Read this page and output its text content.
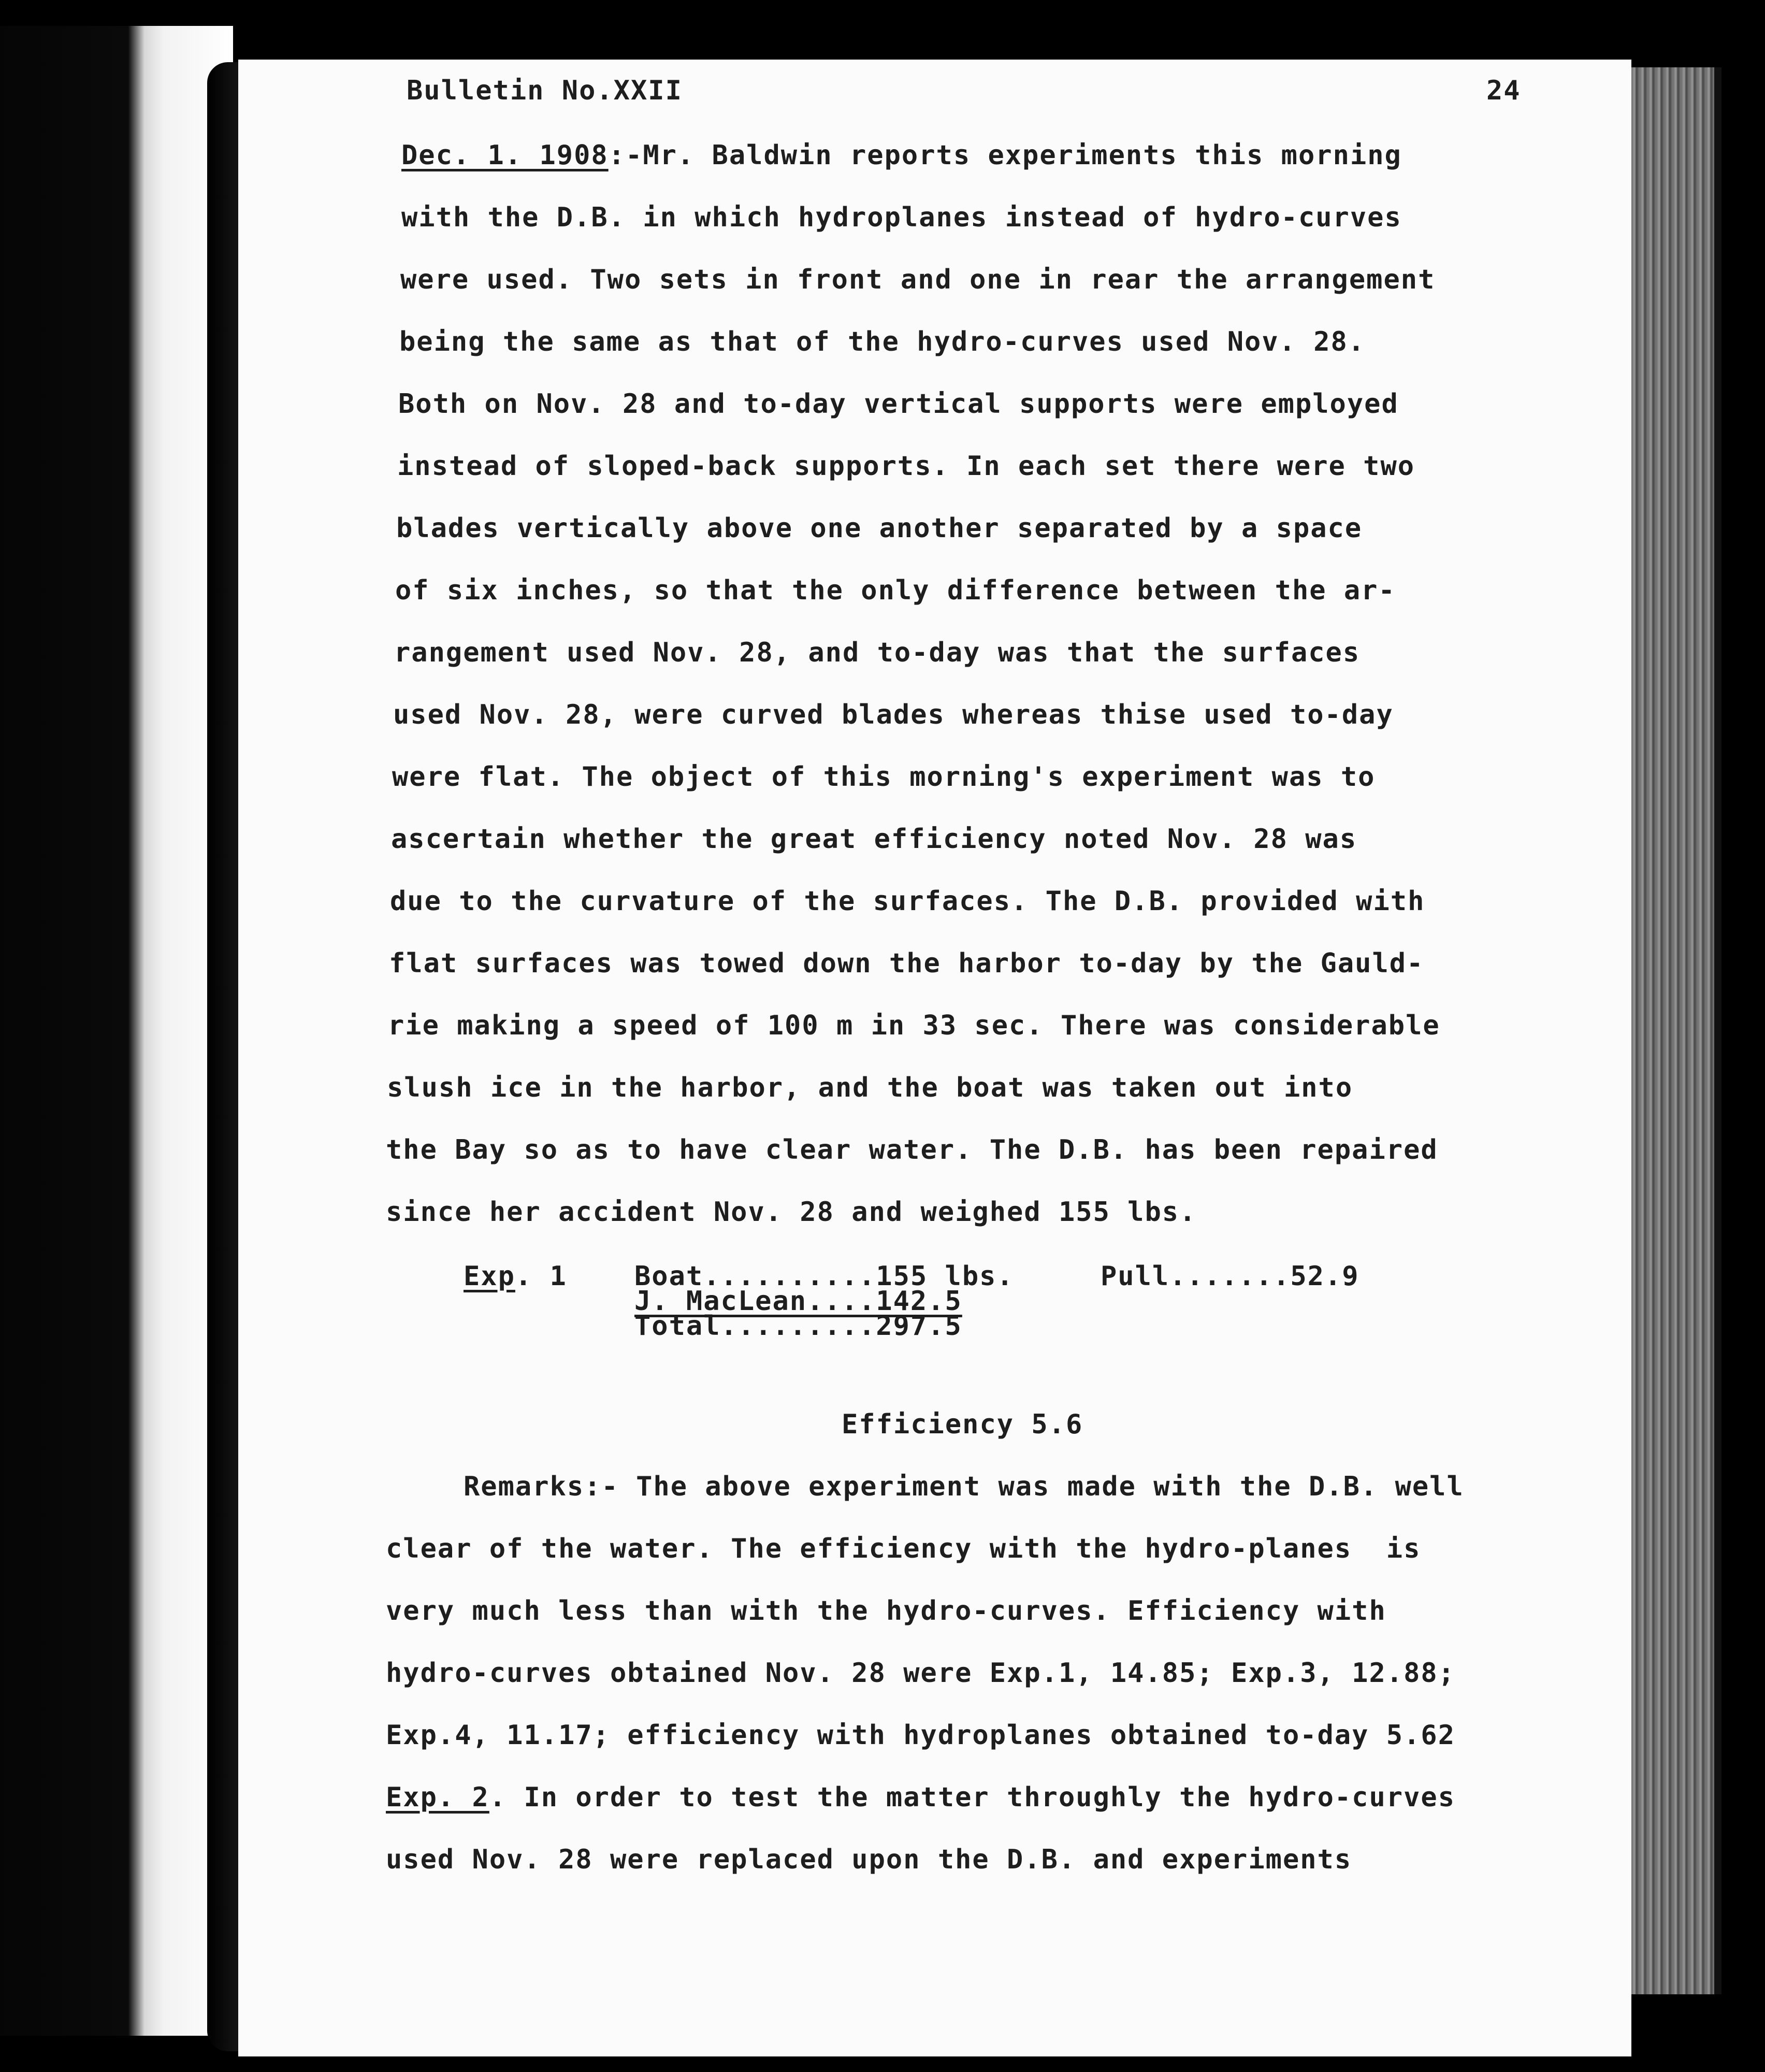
Bulletin No.XXII	24
Dec. 1. 1908:-Mr. Baldwin reports experiments this morning
with the D.B. in which hydroplanes instead of hydro-curves
were used. Two sets in front and one in rear the arrangement
being the same as that of the hydro-curves used Nov. 28.
Both on Nov. 28 and to-day vertical supports were employed
instead of sloped-back supports. In each set there were two
blades vertically above one another separated by a space
of six inches, so that the only difference between the ar-
rangement used Nov. 28, and to-day was that the surfaces
used Nov. 28, were curved blades whereas thise used to-day
were flat. The object of this morning's experiment was to
ascertain whether the great efficiency noted Nov. 28 was
due to the curvature of the surfaces. The D.B. provided with
flat surfaces was towed down the harbor to-day by the Gauld-
rie making a speed of 100 m in 33 sec. There was considerable
slush ice in the harbor, and the boat was taken out into
the Bay so as to have clear water. The D.B. has been repaired
since her accident Nov. 28 and weighed 155 lbs.
Exp. 1	Boat..........155 lbs.	Pull.......52.9
J. MacLean....142.5
Total.........297.5
Efficiency 5.6
Remarks:- The above experiment was made with the D.B. well
clear of the water. The efficiency with the hydro-planes  is
very much less than with the hydro-curves. Efficiency with
hydro-curves obtained Nov. 28 were Exp.1, 14.85; Exp.3, 12.88;
Exp.4, 11.17; efficiency with hydroplanes obtained to-day 5.62
Exp. 2. In order to test the matter throughly the hydro-curves
used Nov. 28 were replaced upon the D.B. and experiments
